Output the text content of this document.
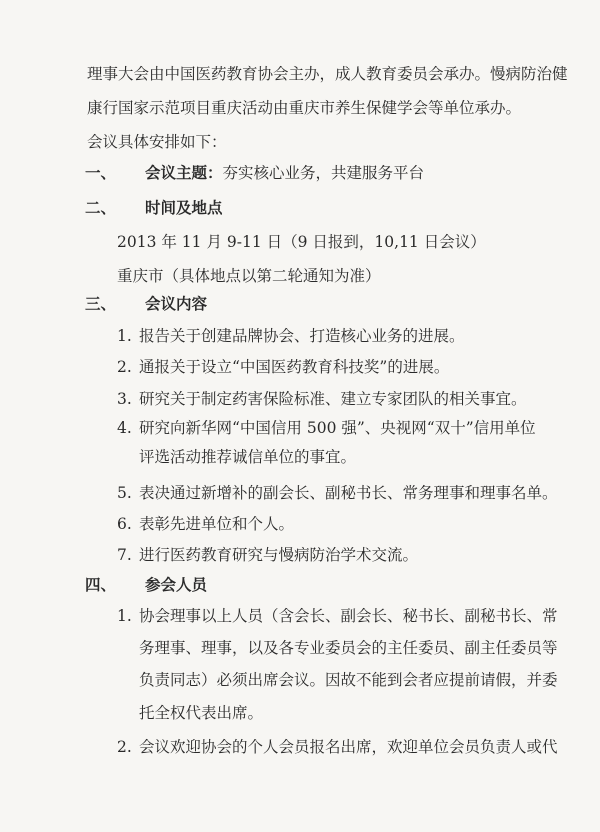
理事大会由中国医药教育协会主办，成人教育委员会承办。慢病防治健
康行国家示范项目重庆活动由重庆市养生保健学会等单位承办。
会议具体安排如下：
一、 会议主题：夯实核心业务，共建服务平台
二、 时间及地点
2013 年 11 月 9-11 日（9 日报到，10,11 日会议）
重庆市（具体地点以第二轮通知为准）
三、 会议内容
1. 报告关于创建品牌协会、打造核心业务的进展。
2. 通报关于设立“中国医药教育科技奖”的进展。
3. 研究关于制定药害保险标准、建立专家团队的相关事宜。
4. 研究向新华网“中国信用 500 强”、央视网“双十”信用单位
评选活动推荐诚信单位的事宜。
5. 表决通过新增补的副会长、副秘书长、常务理事和理事名单。
6. 表彰先进单位和个人。
7. 进行医药教育研究与慢病防治学术交流。
四、 参会人员
1. 协会理事以上人员（含会长、副会长、秘书长、副秘书长、常
务理事、理事，以及各专业委员会的主任委员、副主任委员等
负责同志）必须出席会议。因故不能到会者应提前请假，并委
托全权代表出席。
2. 会议欢迎协会的个人会员报名出席，欢迎单位会员负责人或代
